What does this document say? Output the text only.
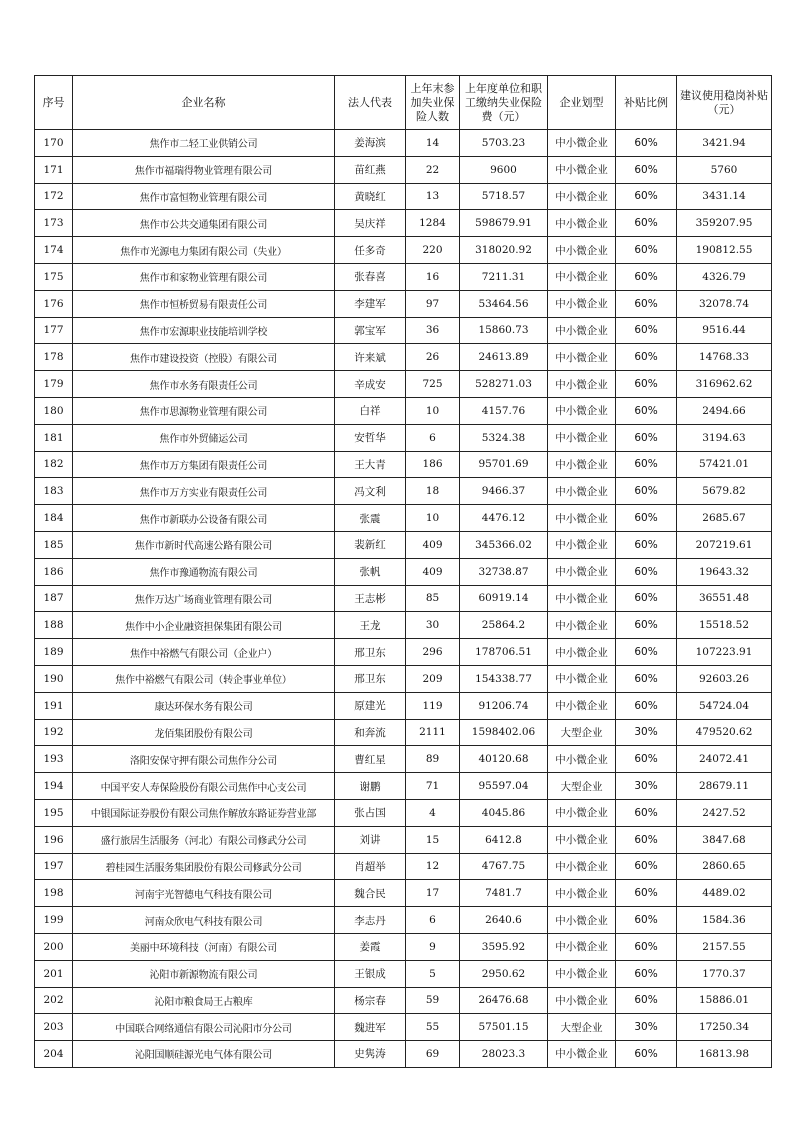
序号	企业名称	法人代表	上年末参加失业保险人数	上年度单位和职工缴纳失业保险费（元）	企业划型	补贴比例	建议使用稳岗补贴（元）

170	焦作市二轻工业供销公司	姜海滨	14	5703.23	中小微企业	60%	3421.94
171	焦作市福瑞得物业管理有限公司	苗红燕	22	9600	中小微企业	60%	5760
172	焦作市富恒物业管理有限公司	黄晓红	13	5718.57	中小微企业	60%	3431.14
173	焦作市公共交通集团有限公司	吴庆祥	1284	598679.91	中小微企业	60%	359207.95
174	焦作市光源电力集团有限公司（失业）	任多奇	220	318020.92	中小微企业	60%	190812.55
175	焦作市和家物业管理有限公司	张春喜	16	7211.31	中小微企业	60%	4326.79
176	焦作市恒桥贸易有限责任公司	李建军	97	53464.56	中小微企业	60%	32078.74
177	焦作市宏源职业技能培训学校	郭宝军	36	15860.73	中小微企业	60%	9516.44
178	焦作市建设投资（控股）有限公司	许来斌	26	24613.89	中小微企业	60%	14768.33
179	焦作市水务有限责任公司	辛成安	725	528271.03	中小微企业	60%	316962.62
180	焦作市思源物业管理有限公司	白祥	10	4157.76	中小微企业	60%	2494.66
181	焦作市外贸储运公司	安哲华	6	5324.38	中小微企业	60%	3194.63
182	焦作市万方集团有限责任公司	王大青	186	95701.69	中小微企业	60%	57421.01
183	焦作市万方实业有限责任公司	冯文利	18	9466.37	中小微企业	60%	5679.82
184	焦作市新联办公设备有限公司	张震	10	4476.12	中小微企业	60%	2685.67
185	焦作市新时代高速公路有限公司	裴新红	409	345366.02	中小微企业	60%	207219.61
186	焦作市豫通物流有限公司	张帆	409	32738.87	中小微企业	60%	19643.32
187	焦作万达广场商业管理有限公司	王志彬	85	60919.14	中小微企业	60%	36551.48
188	焦作中小企业融资担保集团有限公司	王龙	30	25864.2	中小微企业	60%	15518.52
189	焦作中裕燃气有限公司（企业户）	邢卫东	296	178706.51	中小微企业	60%	107223.91
190	焦作中裕燃气有限公司（转企事业单位）	邢卫东	209	154338.77	中小微企业	60%	92603.26
191	康达环保水务有限公司	原建光	119	91206.74	中小微企业	60%	54724.04
192	龙佰集团股份有限公司	和奔流	2111	1598402.06	大型企业	30%	479520.62
193	洛阳安保守押有限公司焦作分公司	曹红星	89	40120.68	中小微企业	60%	24072.41
194	中国平安人寿保险股份有限公司焦作中心支公司	谢鹏	71	95597.04	大型企业	30%	28679.11
195	中银国际证券股份有限公司焦作解放东路证券营业部	张占国	4	4045.86	中小微企业	60%	2427.52
196	盛行旅居生活服务（河北）有限公司修武分公司	刘讲	15	6412.8	中小微企业	60%	3847.68
197	碧桂园生活服务集团股份有限公司修武分公司	肖超举	12	4767.75	中小微企业	60%	2860.65
198	河南宇光智德电气科技有限公司	魏合民	17	7481.7	中小微企业	60%	4489.02
199	河南众欣电气科技有限公司	李志丹	6	2640.6	中小微企业	60%	1584.36
200	美丽中环境科技（河南）有限公司	姜霞	9	3595.92	中小微企业	60%	2157.55
201	沁阳市新源物流有限公司	王银成	5	2950.62	中小微企业	60%	1770.37
202	沁阳市粮食局王占粮库	杨宗春	59	26476.68	中小微企业	60%	15886.01
203	中国联合网络通信有限公司沁阳市分公司	魏进军	55	57501.15	大型企业	30%	17250.34
204	沁阳国顺硅源光电气体有限公司	史隽涛	69	28023.3	中小微企业	60%	16813.98
